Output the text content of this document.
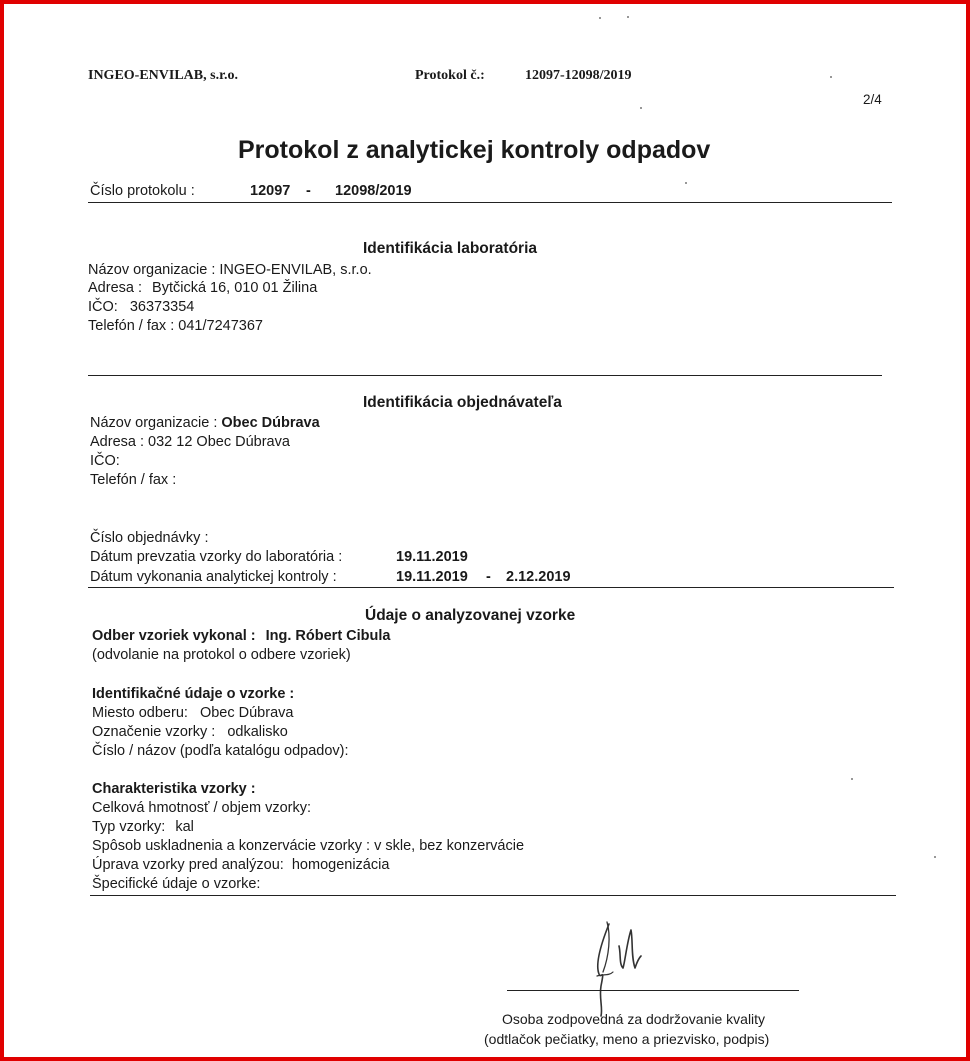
INGEO-ENVILAB, s.r.o.	Protokol č.:	12097-12098/2019
2/4
Protokol z analytickej kontroly odpadov
Číslo protokolu :	12097 - 12098/2019
Identifikácia laboratória
Názov organizacie : INGEO-ENVILAB, s.r.o.
Adresa : Bytčická 16, 010 01 Žilina
IČO: 36373354
Telefón / fax : 041/7247367
Identifikácia objednávateľa
Názov organizacie : Obec Dúbrava
Adresa : 032 12 Obec Dúbrava
IČO:
Telefón / fax :
Číslo objednávky :
Dátum prevzatia vzorky do laboratória :	19.11.2019
Dátum vykonania analytickej kontroly :	19.11.2019 - 2.12.2019
Údaje o analyzovanej vzorke
Odber vzoriek vykonal : Ing. Róbert Cibula
(odvolanie na protokol o odbere vzoriek)
Identifikačné údaje o vzorke :
Miesto odberu: Obec Dúbrava
Označenie vzorky : odkalisko
Číslo / názov (podľa katalógu odpadov):
Charakteristika vzorky :
Celková hmotnosť / objem vzorky:
Typ vzorky: kal
Spôsob uskladnenia a konzervácie vzorky : v skle, bez konzervácie
Úprava vzorky pred analýzou: homogenizácia
Špecifické údaje o vzorke:
Osoba zodpovedná za dodržovanie kvality
(odtlačok pečiatky, meno a priezvisko, podpis)
